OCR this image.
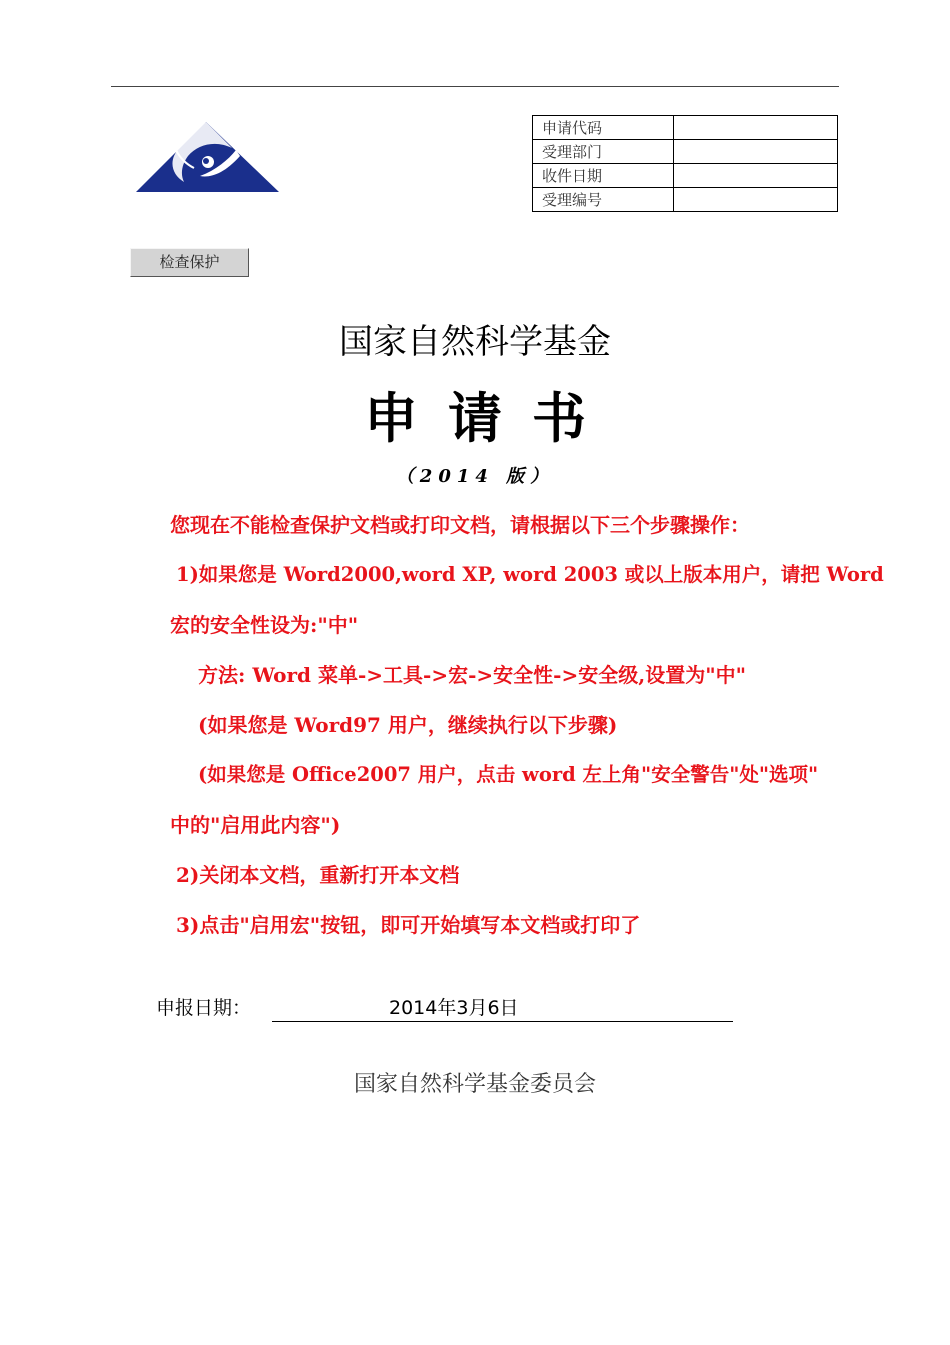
申请代码	
受理部门	
收件日期	
受理编号	
检查保护
国家自然科学基金
申请书
（2014 版）
您现在不能检查保护文档或打印文档，请根据以下三个步骤操作：
1)如果您是 Word2000,word XP, word 2003 或以上版本用户，请把 Word
宏的安全性设为:"中"
方法: Word 菜单->工具->宏->安全性->安全级,设置为"中"
(如果您是 Word97 用户，继续执行以下步骤)
(如果您是 Office2007 用户，点击 word 左上角"安全警告"处"选项"
中的"启用此内容")
2)关闭本文档，重新打开本文档
3)点击"启用宏"按钮，即可开始填写本文档或打印了
申报日期：	2014年3月6日
国家自然科学基金委员会
